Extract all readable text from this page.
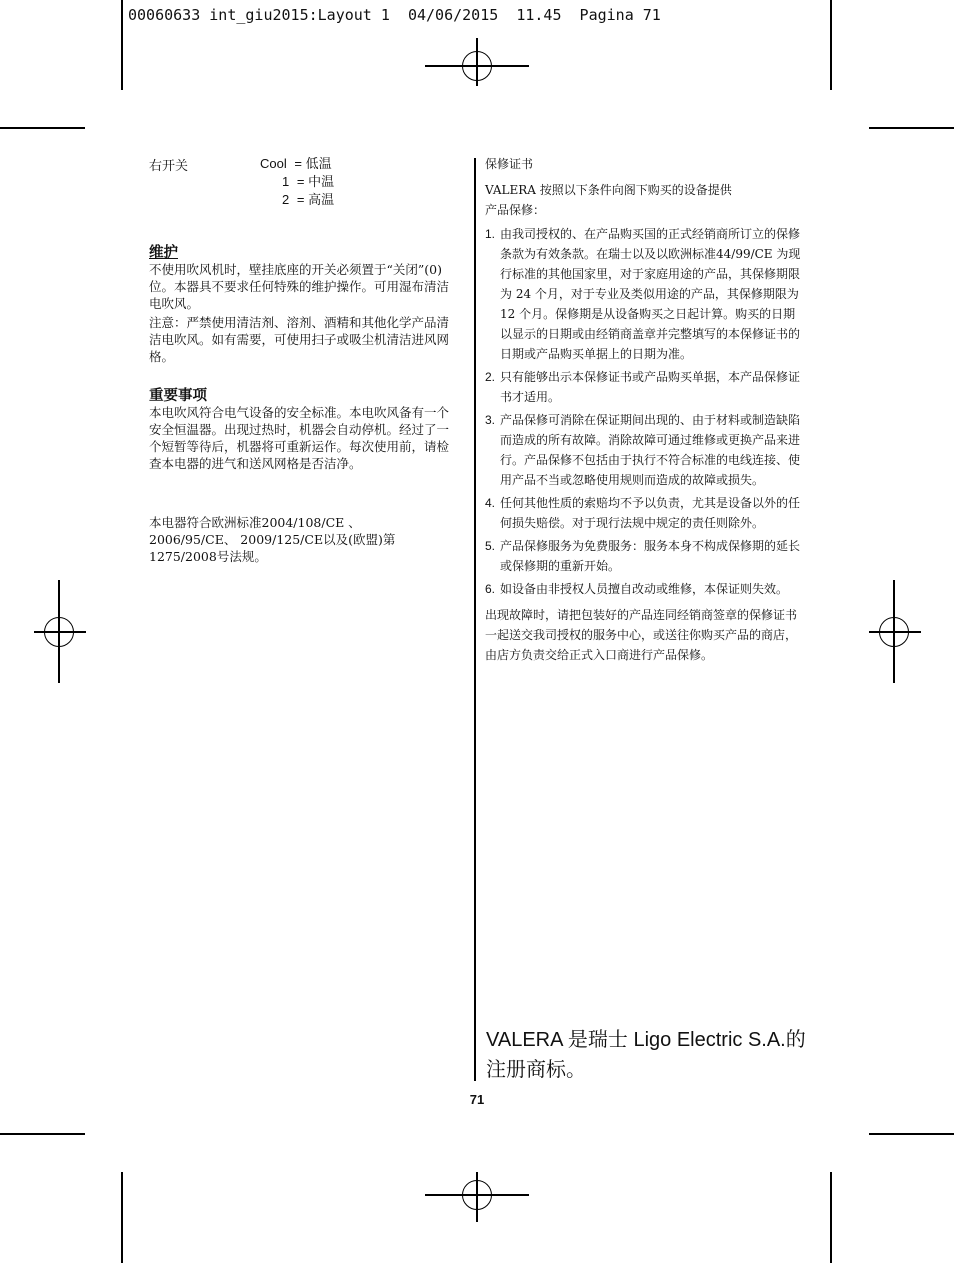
00060633 int_giu2015:Layout 1  04/06/2015  11.45  Pagina 71
右开关	Cool = 低温
1 = 中温
2 = 高温
维护

不使用吹风机时，壁挂底座的开关必须置于“关闭”(0)位。本器具不要求任何特殊的维护操作。可用湿布清洁电吹风。

注意：严禁使用清洁剂、溶剂、酒精和其他化学产品清洁电吹风。如有需要，可使用扫子或吸尘机清洁进风网格。

重要事项

本电吹风符合电气设备的安全标准。本电吹风备有一个安全恒温器。出现过热时，机器会自动停机。经过了一个短暂等待后，机器将可重新运作。每次使用前，请检查本电器的进气和送风网格是否洁净。

本电器符合欧洲标准2004/108/CE 、2006/95/CE、 2009/125/CE以及(欧盟)第1275/2008号法规。
保修证书

VALERA 按照以下条件向阁下购买的设备提供产品保修：

1. 由我司授权的、在产品购买国的正式经销商所订立的保修条款为有效条款。在瑞士以及以欧洲标准44/99/CE 为现行标准的其他国家里，对于家庭用途的产品，其保修期限为 24 个月，对于专业及类似用途的产品，其保修期限为 12 个月。保修期是从设备购买之日起计算。购买的日期以显示的日期或由经销商盖章并完整填写的本保修证书的日期或产品购买单据上的日期为准。
2. 只有能够出示本保修证书或产品购买单据，本产品保修证书才适用。
3. 产品保修可消除在保证期间出现的、由于材料或制造缺陷而造成的所有故障。消除故障可通过维修或更换产品来进行。产品保修不包括由于执行不符合标准的电线连接、使用产品不当或忽略使用规则而造成的故障或损失。
4. 任何其他性质的索赔均不予以负责，尤其是设备以外的任何损失赔偿。对于现行法规中规定的责任则除外。
5. 产品保修服务为免费服务：服务本身不构成保修期的延长或保修期的重新开始。
6. 如设备由非授权人员擅自改动或维修，本保证则失效。

出现故障时，请把包装好的产品连同经销商签章的保修证书一起送交我司授权的服务中心，或送往你购买产品的商店，由店方负责交给正式入口商进行产品保修。

VALERA 是瑞士 Ligo Electric S.A.的注册商标。
71
